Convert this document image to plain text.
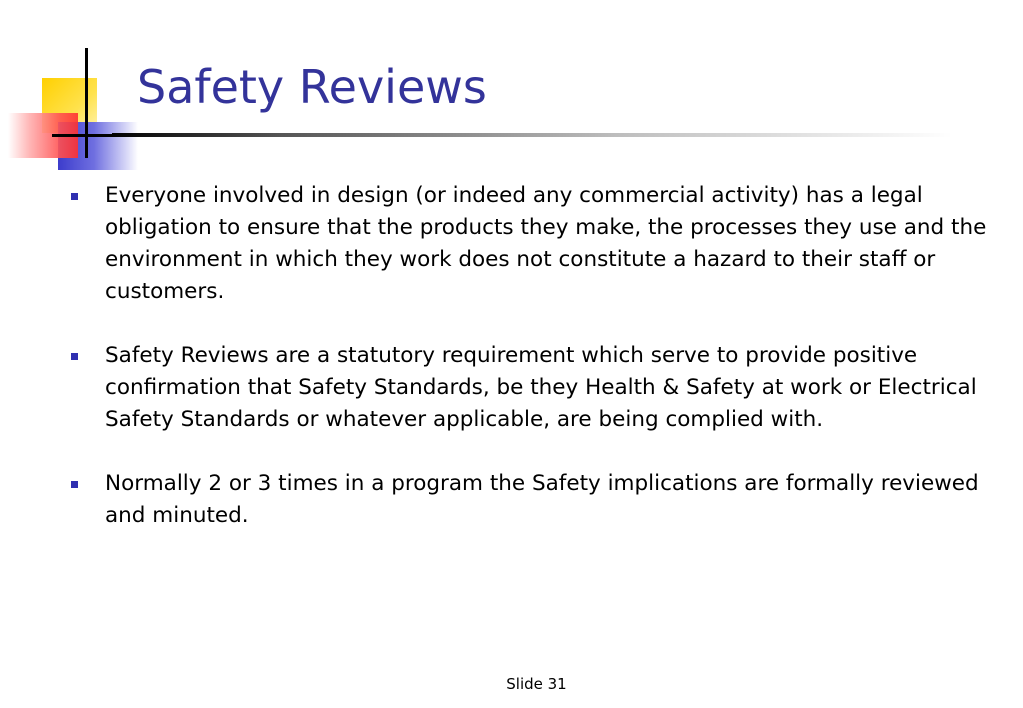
Safety Reviews
Everyone involved in design (or indeed any commercial activity) has a legal obligation to ensure that the products they make, the processes they use and the environment in which they work does not constitute a hazard to their staff or customers.
Safety Reviews are a statutory requirement which serve to provide positive confirmation that Safety Standards, be they Health & Safety at work or Electrical Safety Standards or whatever applicable, are being complied with.
Normally 2 or 3 times in a program the Safety implications are formally reviewed and minuted.
Slide 31
